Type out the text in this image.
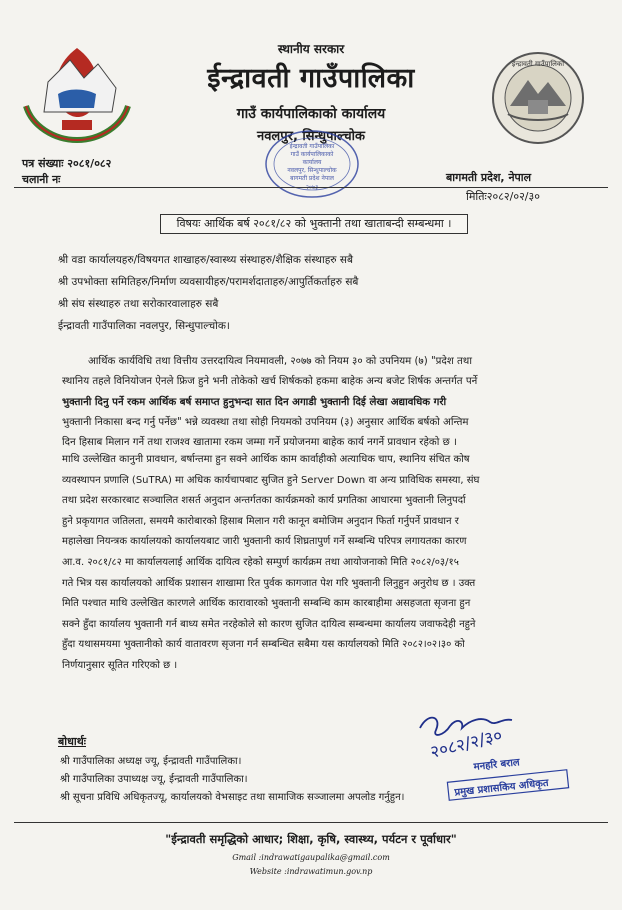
स्थानीय सरकार
ईन्द्रावती गाउँपालिका
गाउँ कार्यपालिकाको कार्यालय
नवलपुर, सिन्धुपाल्चोक
ईन्द्रावती गाउँपालिका
ईन्द्रावती गाउँपालिका
गाउँ कार्यपालिकाको
कार्यालय
नवलपुर, सिन्धुपाल्चोक
बागमती प्रदेश नेपाल
२०७३
पत्र संख्याः २०८१/०८२
चलानी नः	बागमती प्रदेश, नेपाल
मितिः२०८२/०२/३०
विषयः आर्थिक बर्ष २०८१/८२ को भुक्तानी तथा खाताबन्दी सम्बन्धमा ।
श्री वडा कार्यालयहरु/विषयगत शाखाहरु/स्वास्थ्य संस्थाहरु/शैक्षिक संस्थाहरु सबै
श्री उपभोक्ता समितिहरु/निर्माण व्यवसायीहरु/परामर्शदाताहरु/आपुर्तिकर्ताहरु सबै
श्री संघ संस्थाहरु तथा सरोकारवालाहरु सबै
ईन्द्रावती गाउँपालिका नवलपुर, सिन्धुपाल्चोक।
आर्थिक कार्यविधि तथा वित्तीय उत्तरदायित्व नियमावली, २०७७ को नियम ३० को उपनियम (७) "प्रदेश तथा
स्थानिय तहले विनियोजन ऐनले फ्रिज हुने भनी तोकेको खर्च शिर्षकको हकमा बाहेक अन्य बजेट शिर्षक अन्तर्गत पर्ने
भुक्तानी दिनु पर्ने रकम आर्थिक बर्ष समाप्त हुनुभन्दा सात दिन अगाडी भुक्तानी दिई लेखा अद्यावधिक गरी
भुक्तानी निकासा बन्द गर्नु पर्नेछ" भन्ने व्यवस्था तथा सोही नियमको उपनियम (३) अनुसार आर्थिक बर्षको अन्तिम
दिन हिसाब मिलान गर्ने तथा राजश्व खातामा रकम जम्मा गर्ने प्रयोजनमा बाहेक कार्य नगर्ने प्रावधान रहेको छ ।
माथि उल्लेखित कानुनी प्रावधान, बर्षान्तमा हुन सक्ने आर्थिक काम कार्वाहीको अत्याधिक चाप, स्थानिय संचित कोष
व्यवस्थापन प्रणालि (SuTRA) मा अधिक कार्यचापबाट सुजित हुने Server Down वा अन्य प्राविधिक समस्या, संघ
तथा प्रदेश सरकारबाट सञ्चालित शसर्त अनुदान अन्तर्गतका कार्यक्रमको कार्य प्रगतिका आधारमा भुक्तानी लिनुपर्दा
हुने प्रकृयागत जतिलता, समयमै कारोबारको हिसाब मिलान गरी कानून बमोजिम अनुदान फिर्ता गर्नुपर्ने प्रावधान र
महालेखा नियन्त्रक कार्यालयको कार्यालयबाट जारी भुक्तानी कार्य शिघ्रतापुर्ण गर्ने सम्बन्धि परिपत्र लगायतका कारण
आ.व. २०८१/८२ मा कार्यालयलाई आर्थिक दायित्व रहेको सम्पुर्ण कार्यक्रम तथा आयोजनाको मिति २०८२/०३/१५
गते भित्र यस कार्यालयको आर्थिक प्रशासन शाखामा रित पुर्वक कागजात पेश गरि भुक्तानी लिनुहुन अनुरोध छ । उक्त
मिति पश्चात माथि उल्लेखित कारणले आर्थिक कारावारको भुक्तानी सम्बन्धि काम कारबाहीमा असहजता सृजना हुन
सक्ने हुँदा कार्यालय भुक्तानी गर्न बाध्य समेत नरहेकोले सो कारण सुजित दायित्व सम्बन्धमा कार्यालय जवाफदेही नहुने
हुँदा यथासमयमा भुक्तानीको कार्य वातावरण सृजना गर्न सम्बन्धित सबैमा यस कार्यालयको मिति २०८२।०२।३० को
निर्णयानुसार सूतित गरिएको छ ।
२०८२/२/३०
मनहरि बराल
प्रमुख प्रशासकिय अधिकृत
बोधार्थः
श्री गाउँपालिका अध्यक्ष ज्यू, ईन्द्रावती गाउँपालिका।
श्री गाउँपालिका उपाध्यक्ष ज्यू, ईन्द्रावती गाउँपालिका।
श्री सूचना प्रविधि अधिकृतज्यू, कार्यालयको वेभसाइट तथा सामाजिक सञ्जालमा अपलोड गर्नुहुन।
"ईन्द्रावती समृद्धिको आधार; शिक्षा, कृषि, स्वास्थ्य, पर्यटन र पूर्वाधार"
Gmail :indrawatigaupalika@gmail.com
Website :indrawatimun.gov.np
